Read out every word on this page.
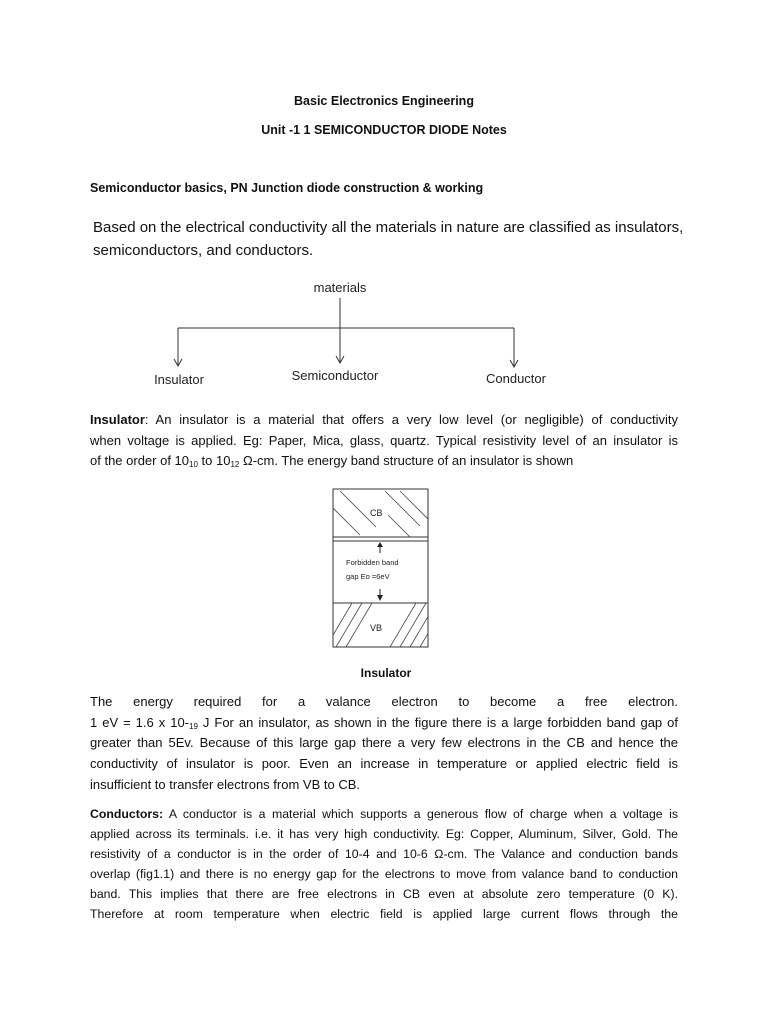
Basic Electronics Engineering
Unit -1 1 SEMICONDUCTOR DIODE Notes
Semiconductor basics, PN Junction diode construction & working
Based on the electrical conductivity all the materials in nature are classified as insulators,
semiconductors, and conductors.
materials
Insulator	Semiconductor	Conductor
Insulator: An insulator is a material that offers a very low level (or negligible) of conductivity
when voltage is applied. Eg: Paper, Mica, glass, quartz. Typical resistivity level of an insulator is
of the order of $10_{10}$ to $10_{12}$ Ω-cm. The energy band structure of an insulator is shown
CB
Forbidden band
gap Eo =6eV
VB
Insulator
The energy required for a valance electron to become a free electron.
1 eV = 1.6 x $10-_{19}$ J For an insulator, as shown in the figure there is a large forbidden band gap of
greater than 5Ev. Because of this large gap there a very few electrons in the CB and hence the
conductivity of insulator is poor. Even an increase in temperature or applied electric field is
insufficient to transfer electrons from VB to CB.
Conductors: A conductor is a material which supports a generous flow of charge when a voltage is
applied across its terminals. i.e. it has very high conductivity. Eg: Copper, Aluminum, Silver, Gold. The
resistivity of a conductor is in the order of 10-4 and 10-6 Ω-cm. The Valance and conduction bands
overlap (fig1.1) and there is no energy gap for the electrons to move from valance band to conduction
band. This implies that there are free electrons in CB even at absolute zero temperature (0 K).
Therefore at room temperature when electric field is applied large current flows through the
